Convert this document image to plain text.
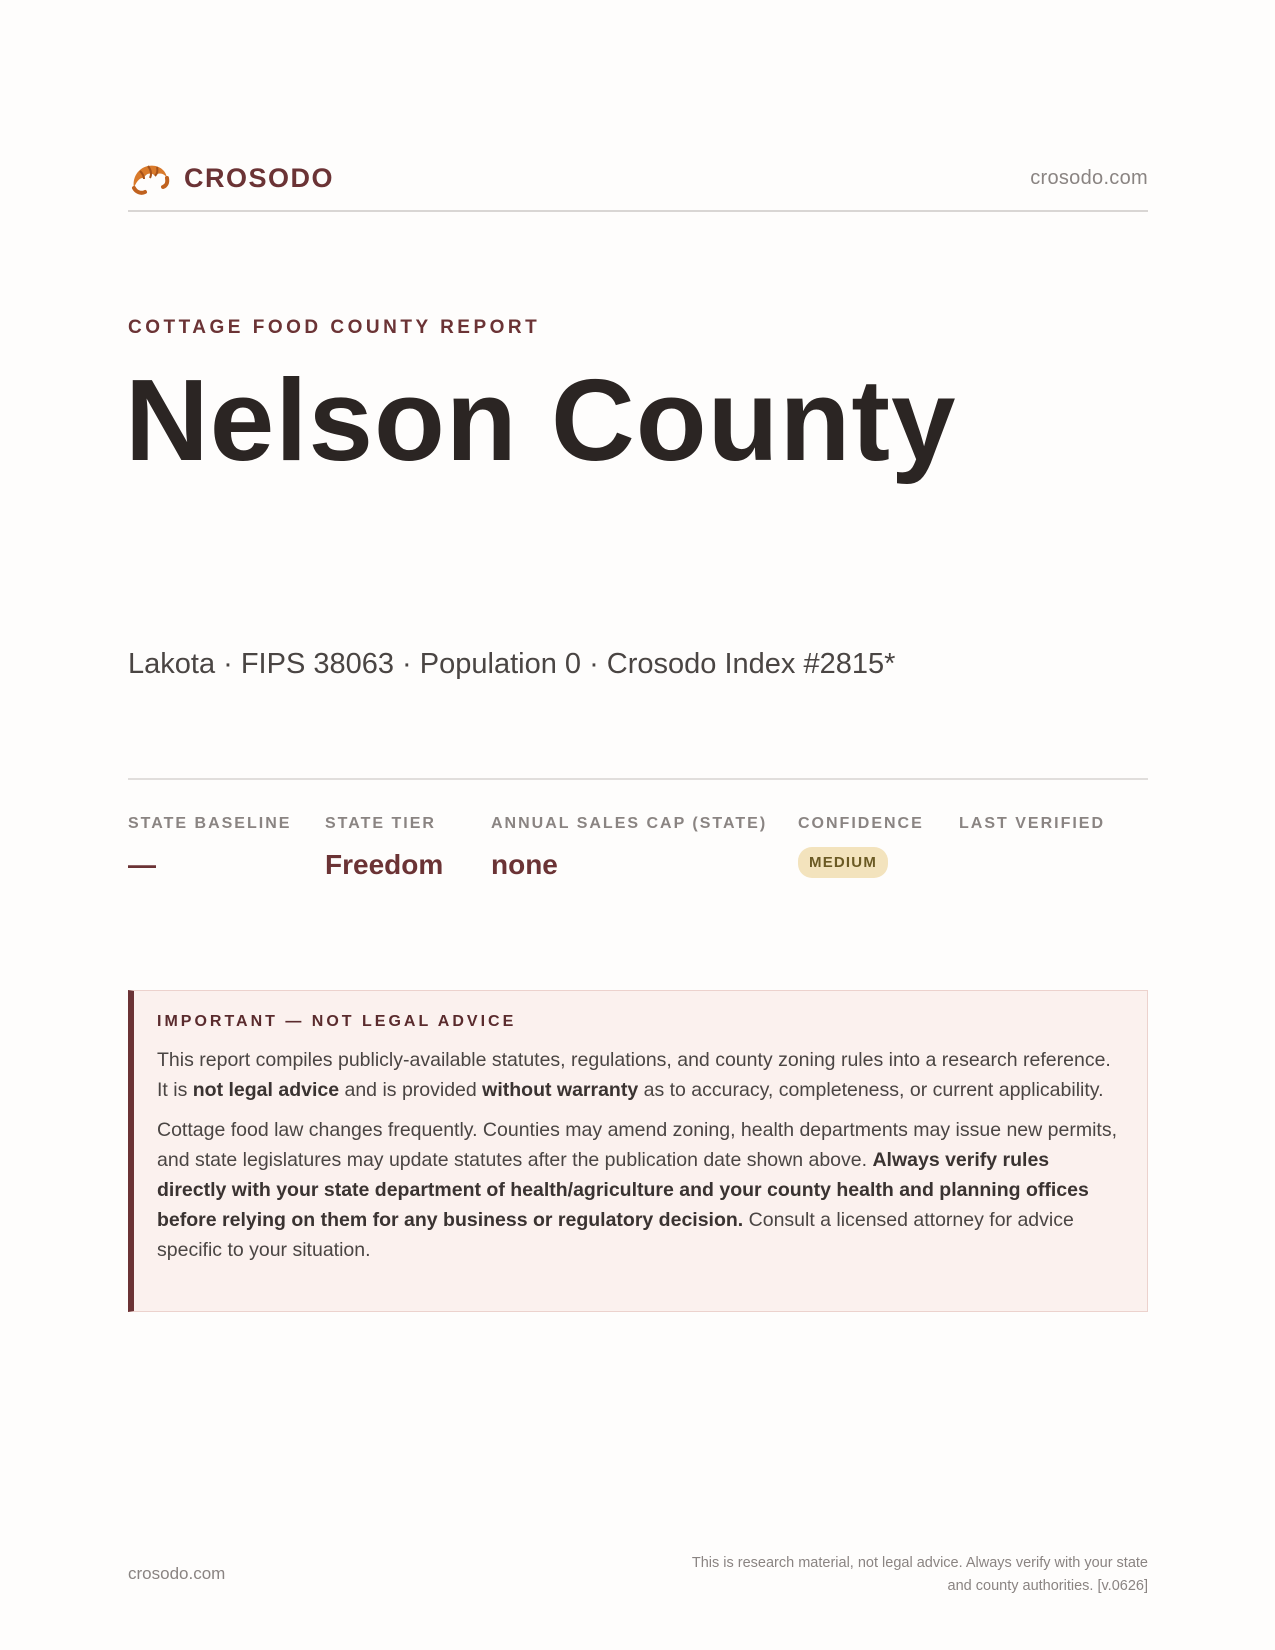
CROSODO	crosodo.com
COTTAGE FOOD COUNTY REPORT
Nelson County
Lakota · FIPS 38063 · Population 0 · Crosodo Index #2815*
STATE BASELINE
—
STATE TIER
Freedom
ANNUAL SALES CAP (STATE)
none
CONFIDENCE
MEDIUM
LAST VERIFIED
IMPORTANT — NOT LEGAL ADVICE

This report compiles publicly-available statutes, regulations, and county zoning rules into a research reference. It is not legal advice and is provided without warranty as to accuracy, completeness, or current applicability.

Cottage food law changes frequently. Counties may amend zoning, health departments may issue new permits, and state legislatures may update statutes after the publication date shown above. Always verify rules directly with your state department of health/agriculture and your county health and planning offices before relying on them for any business or regulatory decision. Consult a licensed attorney for advice specific to your situation.

crosodo.com
This is research material, not legal advice. Always verify with your state
and county authorities. [v.0626]
